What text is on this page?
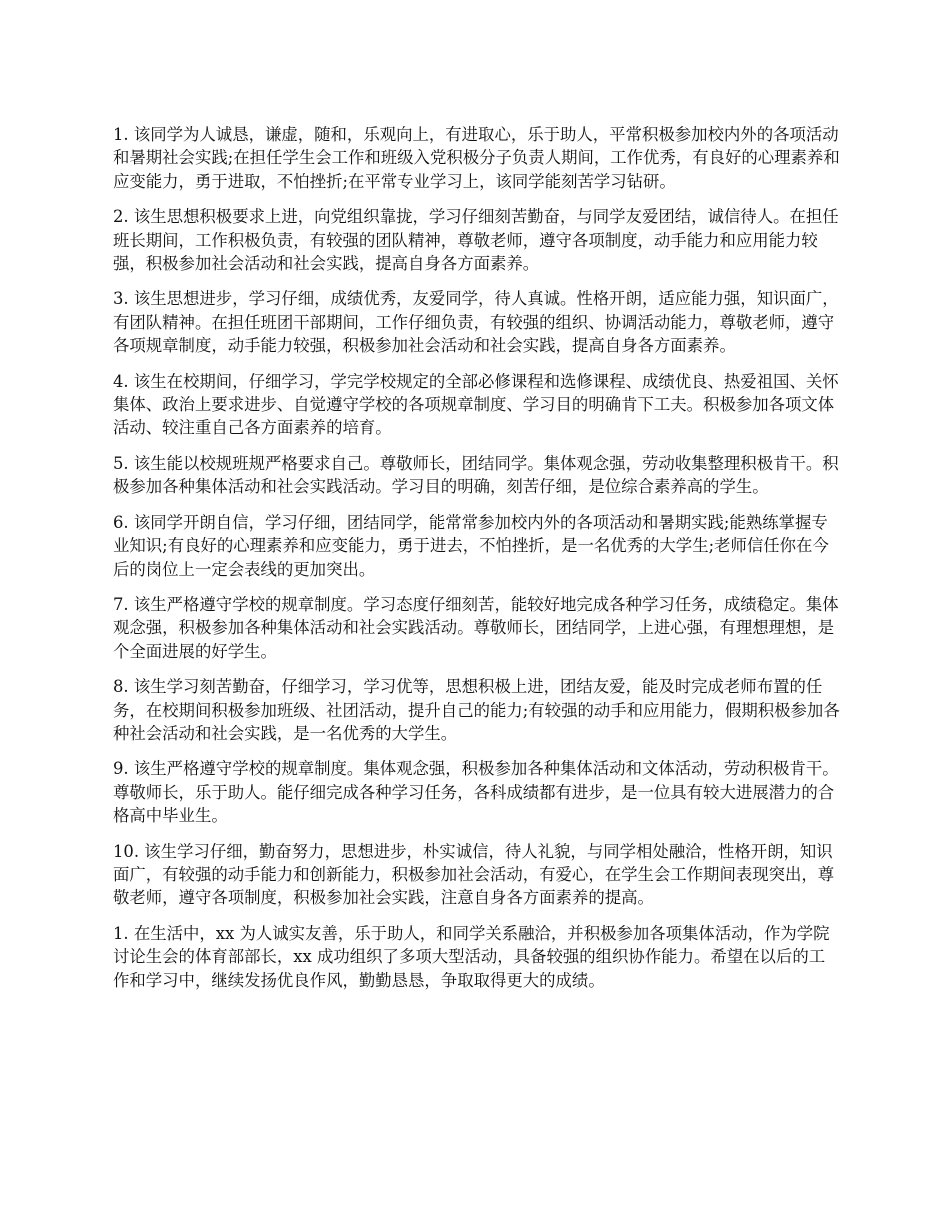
1. 该同学为人诚恳，谦虚，随和，乐观向上，有进取心，乐于助人，平常积极参加校内外的各项活动和暑期社会实践;在担任学生会工作和班级入党积极分子负责人期间，工作优秀，有良好的心理素养和应变能力，勇于进取，不怕挫折;在平常专业学习上，该同学能刻苦学习钻研。

2. 该生思想积极要求上进，向党组织靠拢，学习仔细刻苦勤奋，与同学友爱团结，诚信待人。在担任班长期间，工作积极负责，有较强的团队精神，尊敬老师，遵守各项制度，动手能力和应用能力较强，积极参加社会活动和社会实践，提高自身各方面素养。

3. 该生思想进步，学习仔细，成绩优秀，友爱同学，待人真诚。性格开朗，适应能力强，知识面广，有团队精神。在担任班团干部期间，工作仔细负责，有较强的组织、协调活动能力，尊敬老师，遵守各项规章制度，动手能力较强，积极参加社会活动和社会实践，提高自身各方面素养。

4. 该生在校期间，仔细学习，学完学校规定的全部必修课程和选修课程、成绩优良、热爱祖国、关怀集体、政治上要求进步、自觉遵守学校的各项规章制度、学习目的明确肯下工夫。积极参加各项文体活动、较注重自己各方面素养的培育。

5. 该生能以校规班规严格要求自己。尊敬师长，团结同学。集体观念强，劳动收集整理积极肯干。积极参加各种集体活动和社会实践活动。学习目的明确，刻苦仔细，是位综合素养高的学生。

6. 该同学开朗自信，学习仔细，团结同学，能常常参加校内外的各项活动和暑期实践;能熟练掌握专业知识;有良好的心理素养和应变能力，勇于进去，不怕挫折，是一名优秀的大学生;老师信任你在今后的岗位上一定会表线的更加突出。

7. 该生严格遵守学校的规章制度。学习态度仔细刻苦，能较好地完成各种学习任务，成绩稳定。集体观念强，积极参加各种集体活动和社会实践活动。尊敬师长，团结同学，上进心强，有理想理想，是个全面进展的好学生。

8. 该生学习刻苦勤奋，仔细学习，学习优等，思想积极上进，团结友爱，能及时完成老师布置的任务，在校期间积极参加班级、社团活动，提升自己的能力;有较强的动手和应用能力，假期积极参加各种社会活动和社会实践，是一名优秀的大学生。

9. 该生严格遵守学校的规章制度。集体观念强，积极参加各种集体活动和文体活动，劳动积极肯干。尊敬师长，乐于助人。能仔细完成各种学习任务，各科成绩都有进步，是一位具有较大进展潜力的合格高中毕业生。

10. 该生学习仔细，勤奋努力，思想进步，朴实诚信，待人礼貌，与同学相处融洽，性格开朗，知识面广，有较强的动手能力和创新能力，积极参加社会活动，有爱心，在学生会工作期间表现突出，尊敬老师，遵守各项制度，积极参加社会实践，注意自身各方面素养的提高。

1. 在生活中，xx 为人诚实友善，乐于助人，和同学关系融洽，并积极参加各项集体活动，作为学院讨论生会的体育部部长，xx 成功组织了多项大型活动，具备较强的组织协作能力。希望在以后的工作和学习中，继续发扬优良作风，勤勤恳恳，争取取得更大的成绩。
